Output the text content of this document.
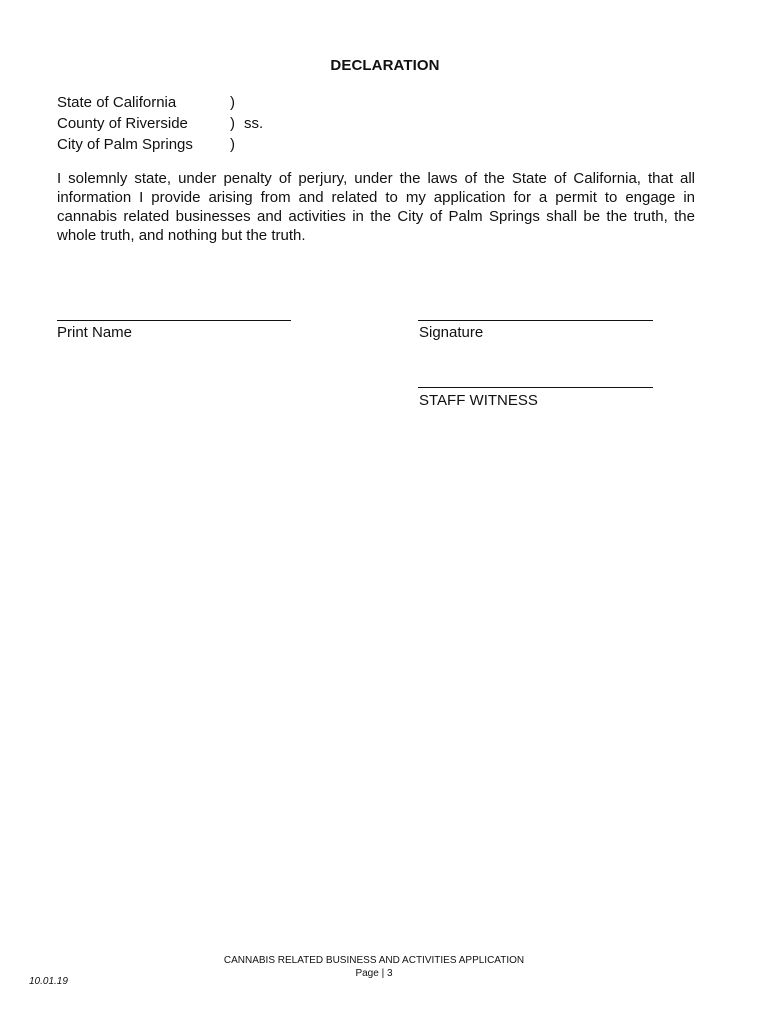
DECLARATION
State of California	)
County of Riverside	) ss.
City of Palm Springs	)

I solemnly state, under penalty of perjury, under the laws of the State of California, that all information I provide arising from and related to my application for a permit to engage in cannabis related businesses and activities in the City of Palm Springs shall be the truth, the whole truth, and nothing but the truth.

Print Name	Signature
STAFF WITNESS
CANNABIS RELATED BUSINESS AND ACTIVITIES APPLICATION
Page | 3
10.01.19
